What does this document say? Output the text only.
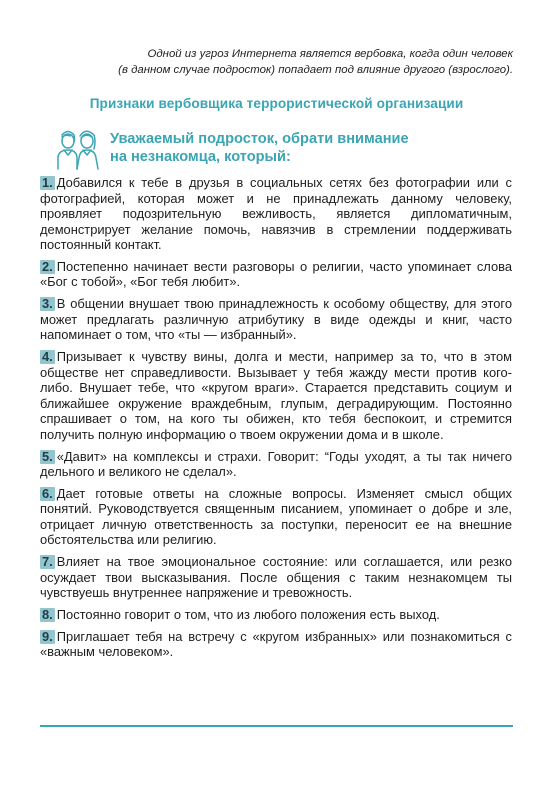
Одной из угроз Интернета является вербовка, когда один человек
(в данном случае подросток) попадает под влияние другого (взрослого).
Признаки вербовщика террористической организации
Уважаемый подросток, обрати внимание
на незнакомца, который:
1. Добавился к тебе в друзья в социальных сетях без фотографии или с фотографией, которая может и не принадлежать данному человеку, проявляет подозрительную вежливость, является дипломатичным, демонстрирует желание помочь, навязчив в стремлении поддерживать постоянный контакт.
2. Постепенно начинает вести разговоры о религии, часто упоминает слова «Бог с тобой», «Бог тебя любит».
3. В общении внушает твою принадлежность к особому обществу, для этого может предлагать различную атрибутику в виде одежды и книг, часто напоминает о том, что «ты — избранный».
4. Призывает к чувству вины, долга и мести, например за то, что в этом обществе нет справедливости. Вызывает у тебя жажду мести против кого-либо. Внушает тебе, что «кругом враги». Старается представить социум и ближайшее окружение враждебным, глупым, деградирующим. Постоянно спрашивает о том, на кого ты обижен, кто тебя беспокоит, и стремится получить полную информацию о твоем окружении дома и в школе.
5. «Давит» на комплексы и страхи. Говорит: “Годы уходят, а ты так ничего дельного и великого не сделал».
6. Дает готовые ответы на сложные вопросы. Изменяет смысл общих понятий. Руководствуется священным писанием, упоминает о добре и зле, отрицает личную ответственность за поступки, переносит ее на внешние обстоятельства или религию.
7. Влияет на твое эмоциональное состояние: или соглашается, или резко осуждает твои высказывания. После общения с таким незнакомцем ты чувствуешь внутреннее напряжение и тревожность.
8. Постоянно говорит о том, что из любого положения есть выход.
9. Приглашает тебя на встречу с «кругом избранных» или познакомиться с «важным человеком».
